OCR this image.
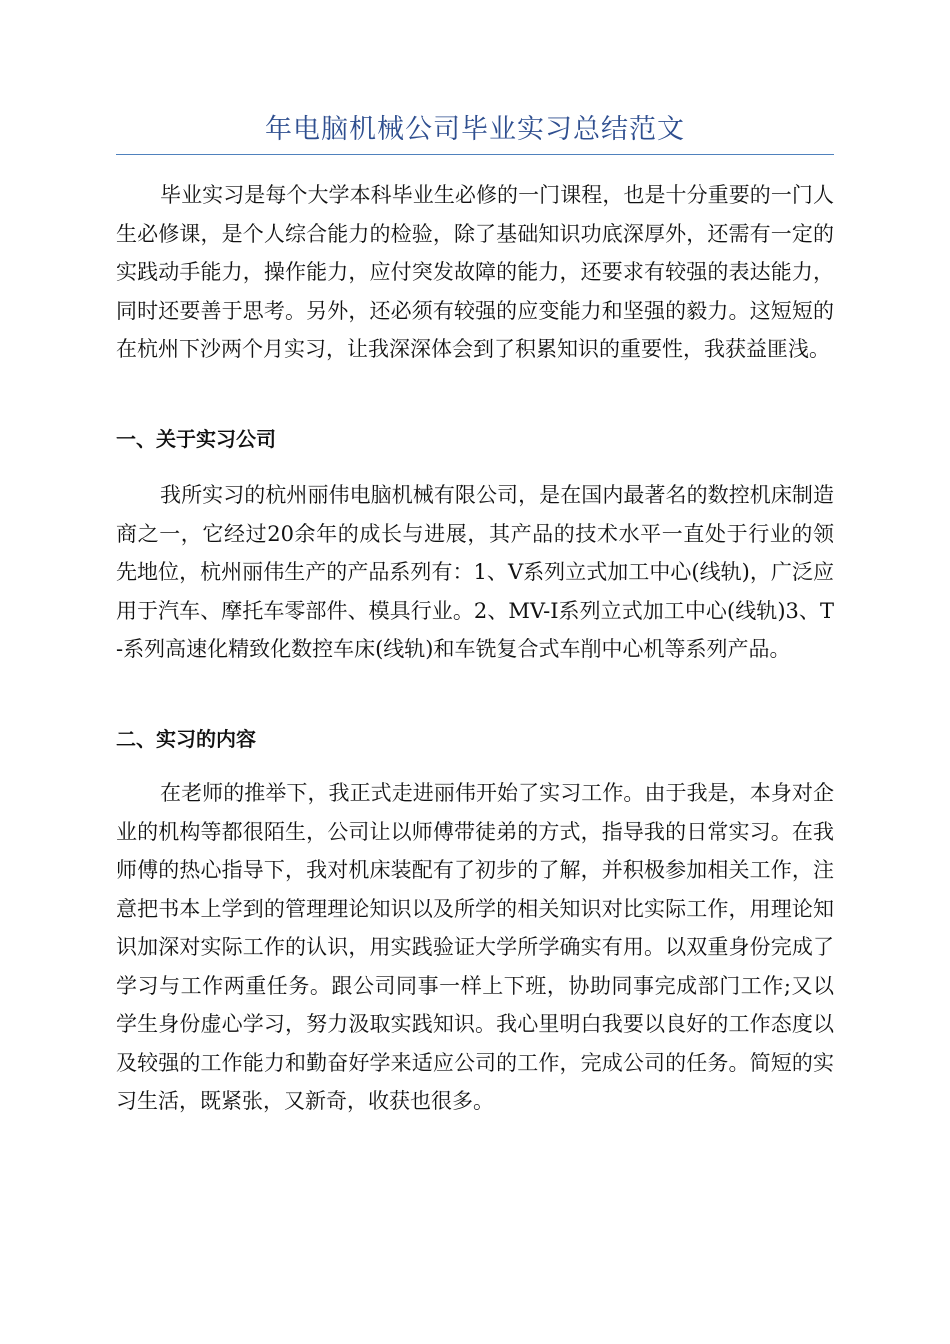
年电脑机械公司毕业实习总结范文

毕业实习是每个大学本科毕业生必修的一门课程，也是十分重要的一门人生必修课，是个人综合能力的检验，除了基础知识功底深厚外，还需有一定的实践动手能力，操作能力，应付突发故障的能力，还要求有较强的表达能力，同时还要善于思考。另外，还必须有较强的应变能力和坚强的毅力。这短短的在杭州下沙两个月实习，让我深深体会到了积累知识的重要性，我获益匪浅。

一、关于实习公司

我所实习的杭州丽伟电脑机械有限公司，是在国内最著名的数控机床制造商之一，它经过20余年的成长与进展，其产品的技术水平一直处于行业的领先地位，杭州丽伟生产的产品系列有：1、V系列立式加工中心(线轨)，广泛应用于汽车、摩托车零部件、模具行业。2、MV-I系列立式加工中心(线轨)3、T-系列高速化精致化数控车床(线轨)和车铣复合式车削中心机等系列产品。

二、实习的内容

在老师的推举下，我正式走进丽伟开始了实习工作。由于我是，本身对企业的机构等都很陌生，公司让以师傅带徒弟的方式，指导我的日常实习。在我师傅的热心指导下，我对机床装配有了初步的了解，并积极参加相关工作，注意把书本上学到的管理理论知识以及所学的相关知识对比实际工作，用理论知识加深对实际工作的认识，用实践验证大学所学确实有用。以双重身份完成了学习与工作两重任务。跟公司同事一样上下班，协助同事完成部门工作;又以学生身份虚心学习，努力汲取实践知识。我心里明白我要以良好的工作态度以及较强的工作能力和勤奋好学来适应公司的工作，完成公司的任务。简短的实习生活，既紧张，又新奇，收获也很多。
